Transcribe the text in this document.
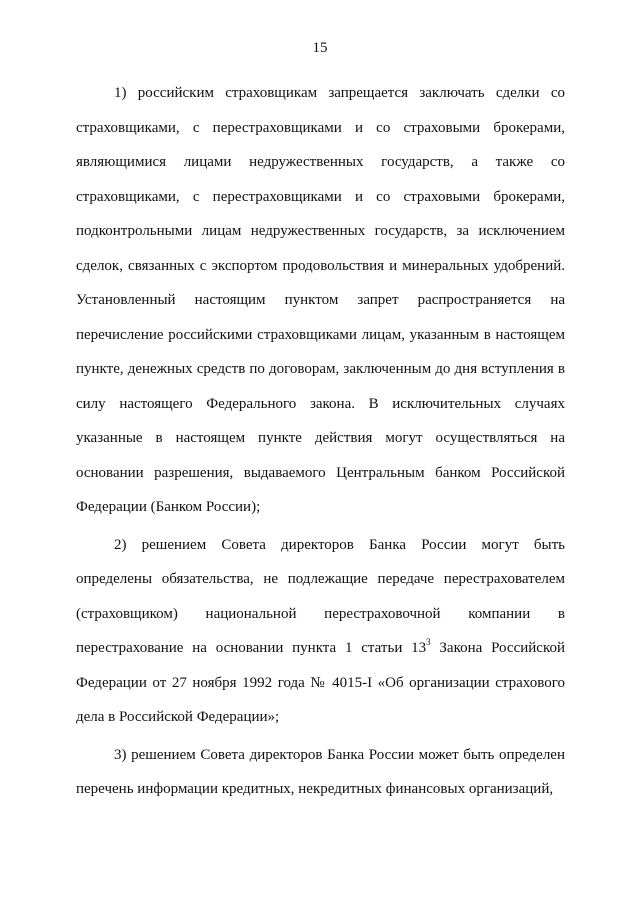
15
1) российским страховщикам запрещается заключать сделки со
страховщиками, с перестраховщиками и со страховыми брокерами,
являющимися лицами недружественных государств, а также со
страховщиками, с перестраховщиками и со страховыми брокерами,
подконтрольными лицам недружественных государств, за исключением
сделок, связанных с экспортом продовольствия и минеральных удобрений.
Установленный настоящим пунктом запрет распространяется на
перечисление российскими страховщиками лицам, указанным в настоящем
пункте, денежных средств по договорам, заключенным до дня вступления в
силу настоящего Федерального закона. В исключительных случаях
указанные в настоящем пункте действия могут осуществляться на
основании разрешения, выдаваемого Центральным банком Российской
Федерации (Банком России);
2) решением Совета директоров Банка России могут быть
определены обязательства, не подлежащие передаче перестрахователем
(страховщиком) национальной перестраховочной компании в
перестрахование на основании пункта 1 статьи $13^3$ Закона Российской
Федерации от 27 ноября 1992 года № 4015-I «Об организации страхового
дела в Российской Федерации»;
3) решением Совета директоров Банка России может быть определен
перечень информации кредитных, некредитных финансовых организаций,
